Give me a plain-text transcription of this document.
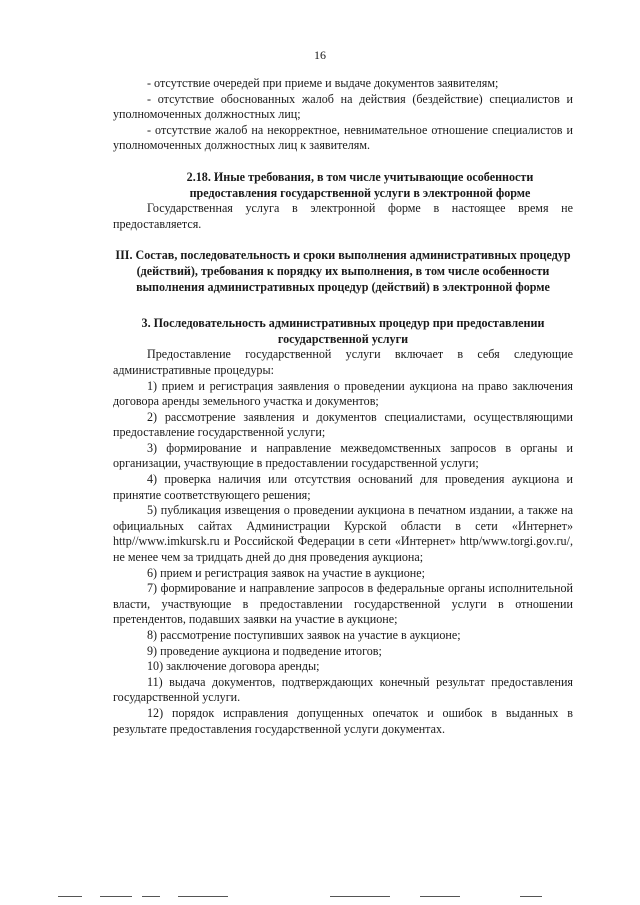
16

- отсутствие очередей при приеме и выдаче документов заявителям;

- отсутствие обоснованных жалоб на действия (бездействие) специалистов и уполномоченных должностных лиц;

- отсутствие жалоб на некорректное, невнимательное отношение специалистов и уполномоченных должностных лиц к заявителям.

2.18. Иные требования, в том числе учитывающие особенности предоставления государственной услуги в электронной форме

Государственная услуга в электронной форме в настоящее время не предоставляется.

III. Состав, последовательность и сроки выполнения административных процедур (действий), требования к порядку их выполнения, в том числе особенности выполнения административных процедур (действий) в электронной форме

3. Последовательность административных процедур при предоставлении государственной услуги

Предоставление государственной услуги включает в себя следующие административные процедуры:

1) прием и регистрация заявления о проведении аукциона на право заключения договора аренды земельного участка и документов;

2) рассмотрение заявления и документов специалистами, осуществляющими предоставление государственной услуги;

3) формирование и направление межведомственных запросов в органы и организации, участвующие в предоставлении государственной услуги;

4) проверка наличия или отсутствия оснований для проведения аукциона и принятие соответствующего решения;

5) публикация извещения о проведении аукциона в печатном издании, а также на официальных сайтах Администрации Курской области в сети «Интернет» http//www.imkursk.ru и Российской Федерации в сети «Интернет» http/www.torgi.gov.ru/, не менее чем за тридцать дней до дня проведения аукциона;

6) прием и регистрация заявок на участие в аукционе;

7) формирование и направление запросов в федеральные органы исполнительной власти, участвующие в предоставлении государственной услуги в отношении претендентов, подавших заявки на участие в аукционе;

8) рассмотрение поступивших заявок на участие в аукционе;

9) проведение аукциона и подведение итогов;

10) заключение договора аренды;

11) выдача документов, подтверждающих конечный результат предоставления государственной услуги.

12) порядок исправления допущенных опечаток и ошибок в выданных в результате предоставления государственной услуги документах.
